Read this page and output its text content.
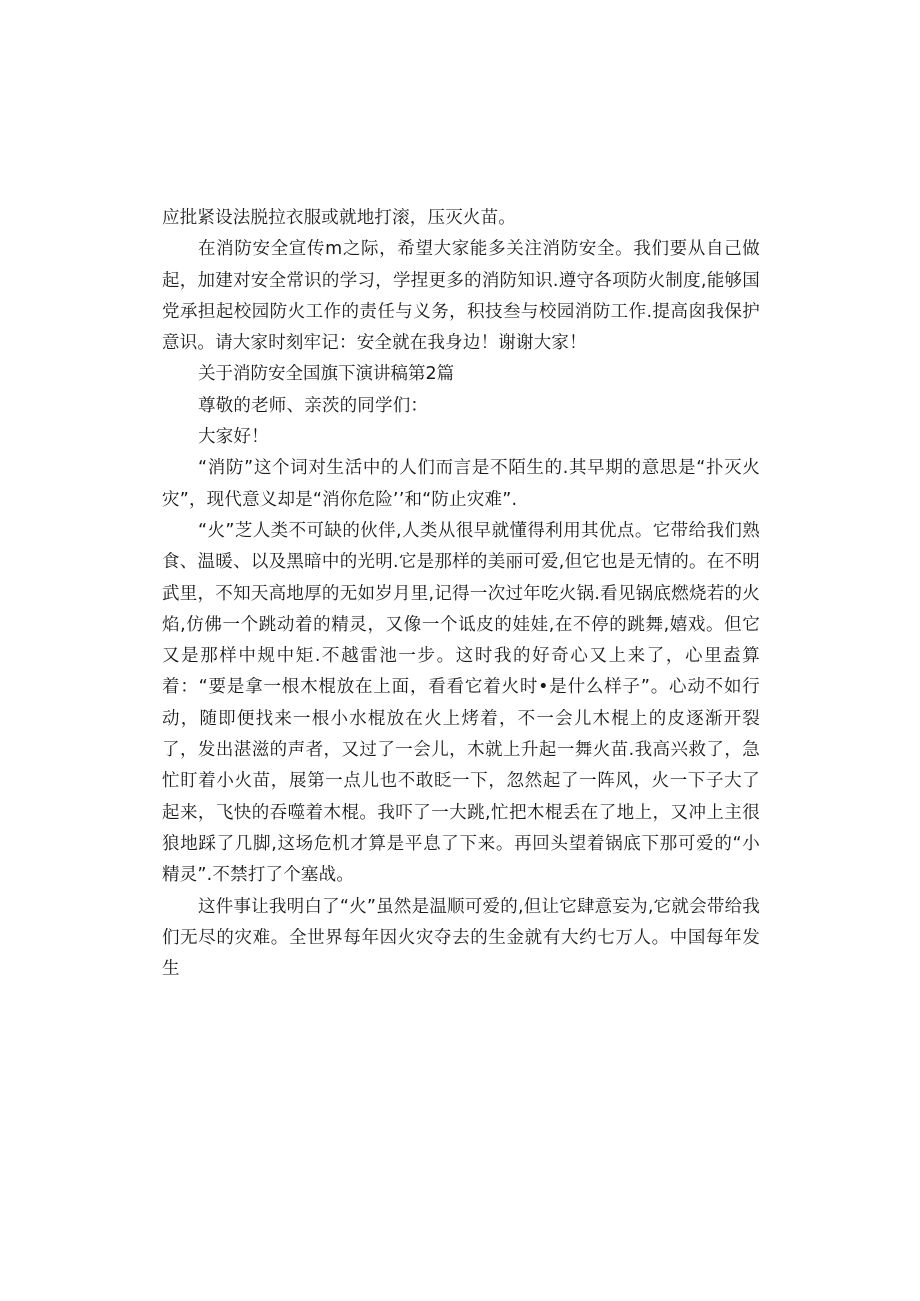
应批紧设法脱拉衣服或就地打滚，压灭火苗。

在消防安全宣传m之际，希望大家能多关注消防安全。我们要从自己做起，加建对安全常识的学习，学捏更多的消防知识.遵守各项防火制度,能够国党承担起校园防火工作的责任与义务，积技叁与校园消防工作.提高囱我保护意识。请大家时刻牢记：安全就在我身边！谢谢大家！

关于消防安全国旗下演讲稿第2篇

尊敬的老师、亲茨的同学们：

大家好！

“消防”这个词对生活中的人们而言是不陌生的.其早期的意思是“扑灭火灾”，现代意义却是“消你危险’’和“防止灾难”.

“火”芝人类不可缺的伙伴,人类从很早就懂得利用其优点。它带给我们熟食、温暖、以及黑暗中的光明.它是那样的美丽可爱,但它也是无情的。在不明武里，不知天高地厚的无如岁月里,记得一次过年吃火锅.看见锅底燃烧若的火焰,仿佛一个跳动着的精灵，又像一个诋皮的娃娃,在不停的跳舞,嬉戏。但它又是那样中规中矩.不越雷池一步。这时我的好奇心又上来了，心里盍算着：“要是拿一根木棍放在上面，看看它着火时•是什么样子”。心动不如行动，随即便找来一根小水棍放在火上烤着，不一会儿木棍上的皮逐渐开裂了，发出湛滋的声者，又过了一会儿，木就上升起一舞火苗.我高兴救了，急忙盯着小火苗，展第一点儿也不敢眨一下，忽然起了一阵风，火一下子大了起来，飞快的吞噬着木棍。我吓了一大跳,忙把木棍丢在了地上，又冲上主很狼地踩了几脚,这场危机才算是平息了下来。再回头望着锅底下那可爱的“小精灵”.不禁打了个塞战。

这件事让我明白了“火”虽然是温顺可爱的,但让它肆意妄为,它就会带给我们无尽的灾难。全世界每年因火灾夺去的生金就有大约七万人。中国每年发生
